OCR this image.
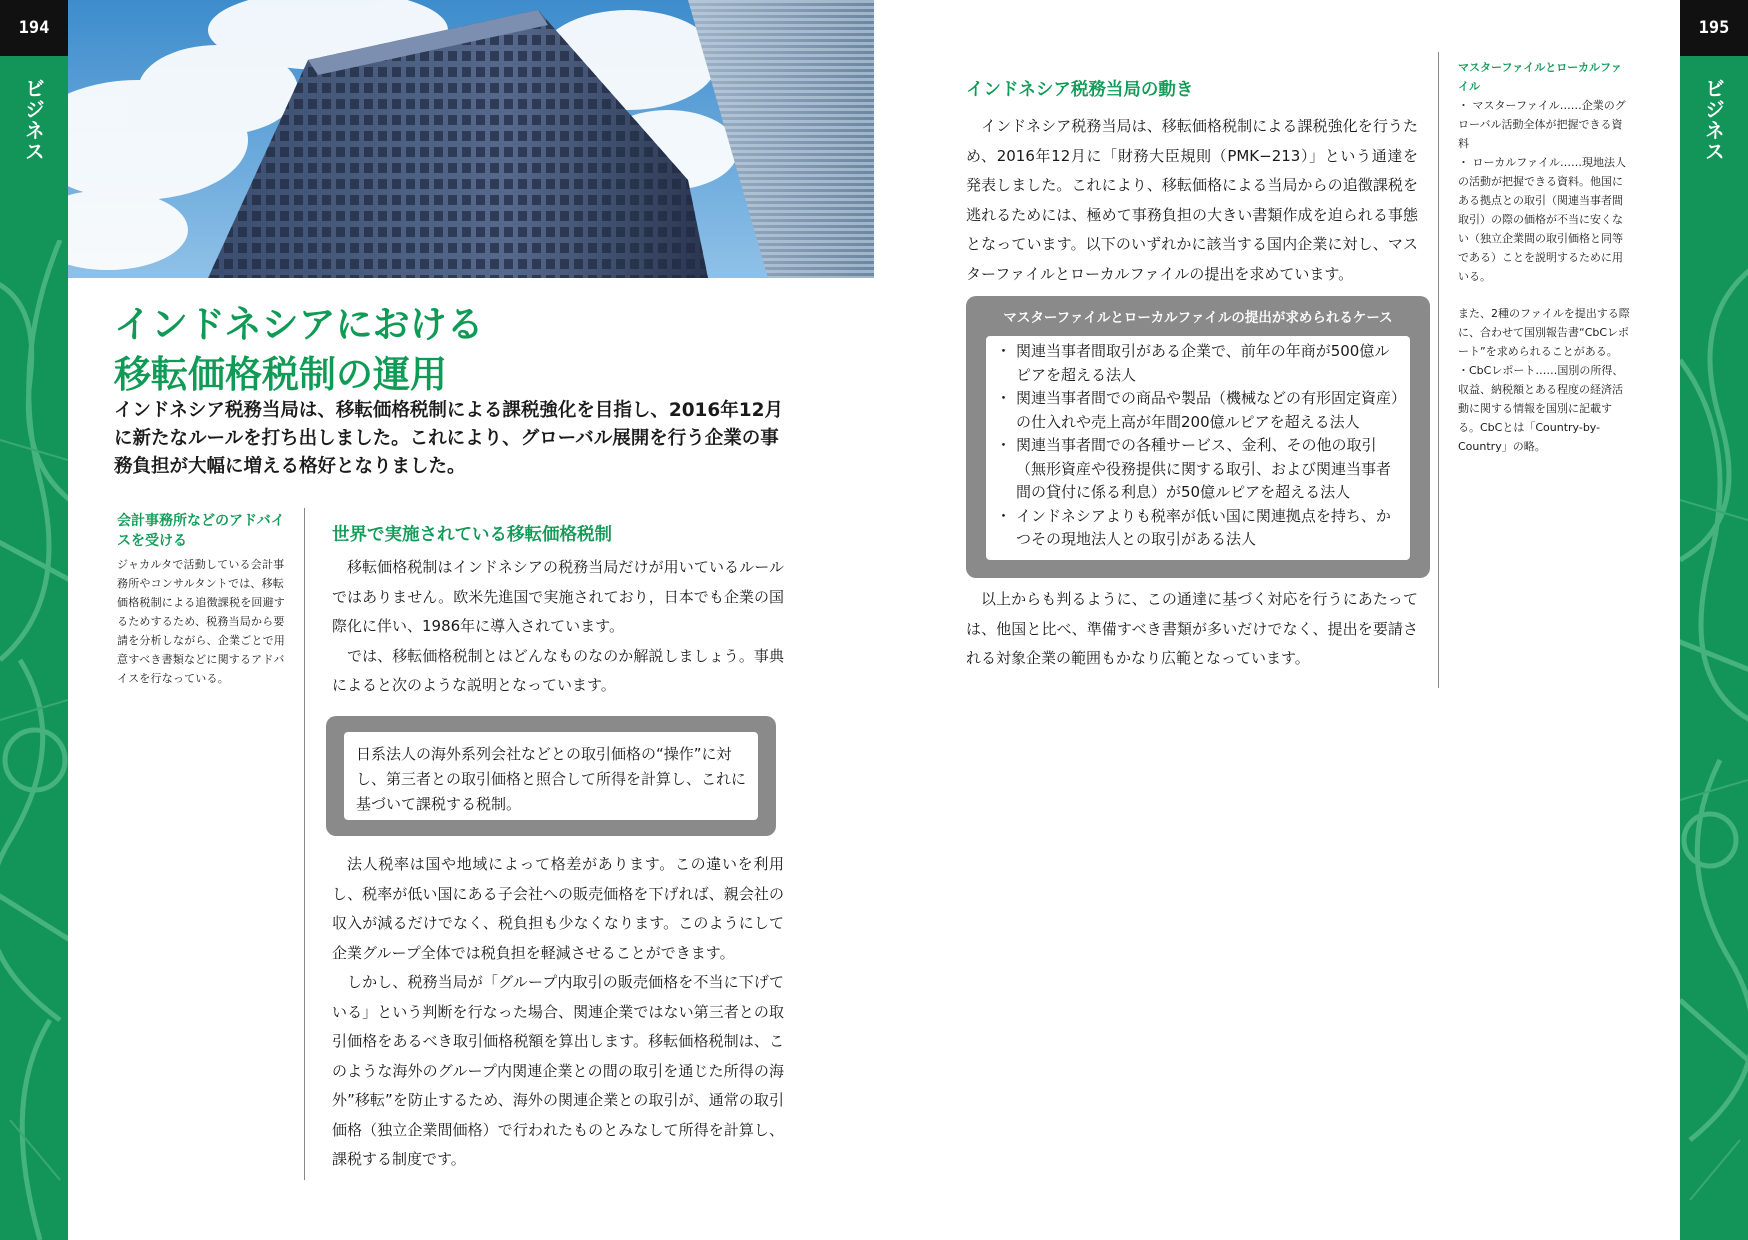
194
ビジネス
195
ビジネス
インドネシアにおける
移転価格税制の運用

インドネシア税務当局は、移転価格税制による課税強化を目指し、2016年12月に新たなルールを打ち出しました。これにより、グローバル展開を行う企業の事務負担が大幅に増える格好となりました。

会計事務所などのアドバイスを受ける

ジャカルタで活動している会計事務所やコンサルタントでは、移転価格税制による追徴課税を回避するためするため、税務当局から要請を分析しながら、企業ごとで用意すべき書類などに関するアドバイスを行なっている。

世界で実施されている移転価格税制

移転価格税制はインドネシアの税務当局だけが用いているルールではありません。欧米先進国で実施されており，日本でも企業の国際化に伴い、1986年に導入されています。

では、移転価格税制とはどんなものなのか解説しましょう。事典によると次のような説明となっています。

日系法人の海外系列会社などとの取引価格の“操作”に対し、第三者との取引価格と照合して所得を計算し、これに基づいて課税する税制。

法人税率は国や地域によって格差があります。この違いを利用し、税率が低い国にある子会社への販売価格を下げれば、親会社の収入が減るだけでなく、税負担も少なくなります。このようにして企業グループ全体では税負担を軽減させることができます。

しかし、税務当局が「グループ内取引の販売価格を不当に下げている」という判断を行なった場合、関連企業ではない第三者との取引価格をあるべき取引価格税額を算出します。移転価格税制は、このような海外のグループ内関連企業との間の取引を通じた所得の海外”移転”を防止するため、海外の関連企業との取引が、通常の取引価格（独立企業間価格）で行われたものとみなして所得を計算し、課税する制度です。

インドネシア税務当局の動き

インドネシア税務当局は、移転価格税制による課税強化を行うため、2016年12月に「財務大臣規則（PMK−213）」という通達を発表しました。これにより、移転価格による当局からの追徴課税を逃れるためには、極めて事務負担の大きい書類作成を迫られる事態となっています。以下のいずれかに該当する国内企業に対し、マスターファイルとローカルファイルの提出を求めています。

マスターファイルとローカルファイルの提出が求められるケース
・ 関連当事者間取引がある企業で、前年の年商が500億ルピアを超える法人
・ 関連当事者間での商品や製品（機械などの有形固定資産）の仕入れや売上高が年間200億ルピアを超える法人
・ 関連当事者間での各種サービス、金利、その他の取引（無形資産や役務提供に関する取引、および関連当事者間の貸付に係る利息）が50億ルピアを超える法人
・ インドネシアよりも税率が低い国に関連拠点を持ち、かつその現地法人との取引がある法人

以上からも判るように、この通達に基づく対応を行うにあたっては、他国と比べ、準備すべき書類が多いだけでなく、提出を要請される対象企業の範囲もかなり広範となっています。

マスターファイルとローカルファイル

・ マスターファイル……企業のグローバル活動全体が把握できる資料

・ ローカルファイル……現地法人の活動が把握できる資料。他国にある拠点との取引（関連当事者間取引）の際の価格が不当に安くない（独立企業間の取引価格と同等である）ことを説明するために用いる。

また、2種のファイルを提出する際に、合わせて国別報告書“CbCレポート”を求められることがある。

・CbCレポート……国別の所得、収益、納税額とある程度の経済活動に関する情報を国別に記載する。CbCとは「Country-by-Country」の略。
